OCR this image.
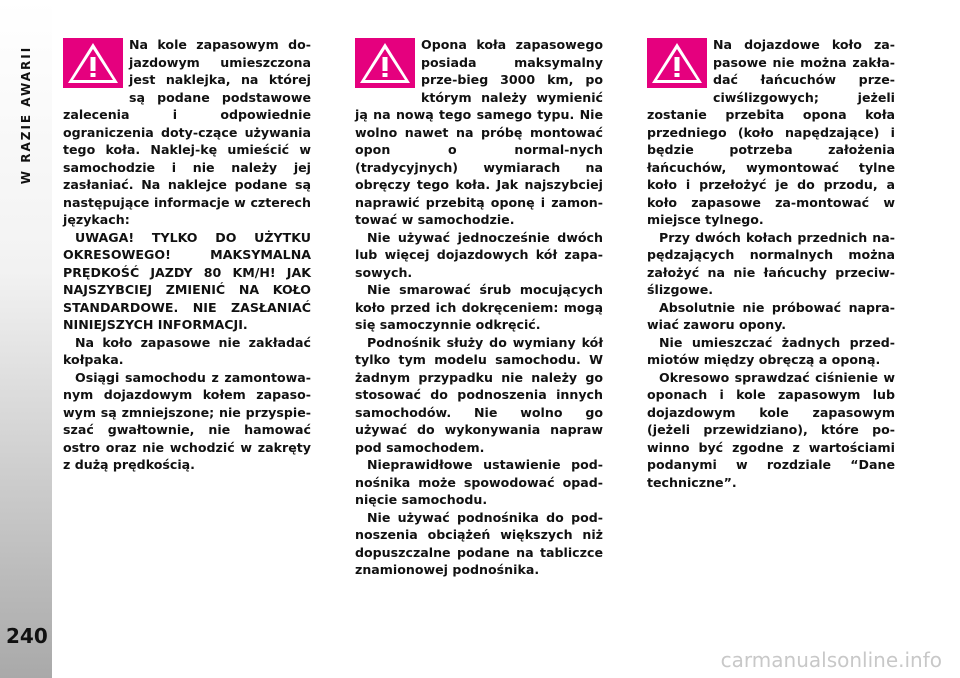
W RAZIE AWARII
240

Na kole zapasowym do-jazdowym umieszczona jest naklejka, na której są podane podstawowe zalecenia i odpowiednie ograniczenia doty-czące używania tego koła. Naklej-kę umieścić w samochodzie i nie należy jej zasłaniać. Na naklejce podane są następujące informacje w czterech językach:

UWAGA! TYLKO DO UŻYTKU OKRESOWEGO! MAKSYMALNA PRĘDKOŚĆ JAZDY 80 KM/H! JAK NAJSZYBCIEJ ZMIENIĆ NA KOŁO STANDARDOWE. NIE ZASŁANIAĆ NINIEJSZYCH INFORMACJI.

Na koło zapasowe nie zakładać kołpaka.

Osiągi samochodu z zamontowa-nym dojazdowym kołem zapaso-wym są zmniejszone; nie przyspie-szać gwałtownie, nie hamować ostro oraz nie wchodzić w zakręty z dużą prędkością.

Opona koła zapasowego posiada maksymalny prze-bieg 3000 km, po którym należy wymienić ją na nową tego samego typu. Nie wolno nawet na próbę montować opon o normal-nych (tradycyjnych) wymiarach na obręczy tego koła. Jak najszybciej naprawić przebitą oponę i zamon-tować w samochodzie.

Nie używać jednocześnie dwóch lub więcej dojazdowych kół zapa-sowych.

Nie smarować śrub mocujących koło przed ich dokręceniem: mogą się samoczynnie odkręcić.

Podnośnik służy do wymiany kół tylko tym modelu samochodu. W żadnym przypadku nie należy go stosować do podnoszenia innych samochodów. Nie wolno go używać do wykonywania napraw pod samochodem.

Nieprawidłowe ustawienie pod-nośnika może spowodować opad-nięcie samochodu.

Nie używać podnośnika do pod-noszenia obciążeń większych niż dopuszczalne podane na tabliczce znamionowej podnośnika.

Na dojazdowe koło za-pasowe nie można zakła-dać łańcuchów prze-ciwślizgowych; jeżeli zostanie przebita opona koła przedniego (koło napędzające) i będzie potrzeba założenia łańcuchów, wymontować tylne koło i przełożyć je do przodu, a koło zapasowe za-montować w miejsce tylnego.

Przy dwóch kołach przednich na-pędzających normalnych można założyć na nie łańcuchy przeciw-ślizgowe.

Absolutnie nie próbować napra-wiać zaworu opony.

Nie umieszczać żadnych przed-miotów między obręczą a oponą.

Okresowo sprawdzać ciśnienie w oponach i kole zapasowym lub dojazdowym kole zapasowym (jeżeli przewidziano), które po-winno być zgodne z wartościami podanymi w rozdziale “Dane techniczne”.

carmanualsonline.info
